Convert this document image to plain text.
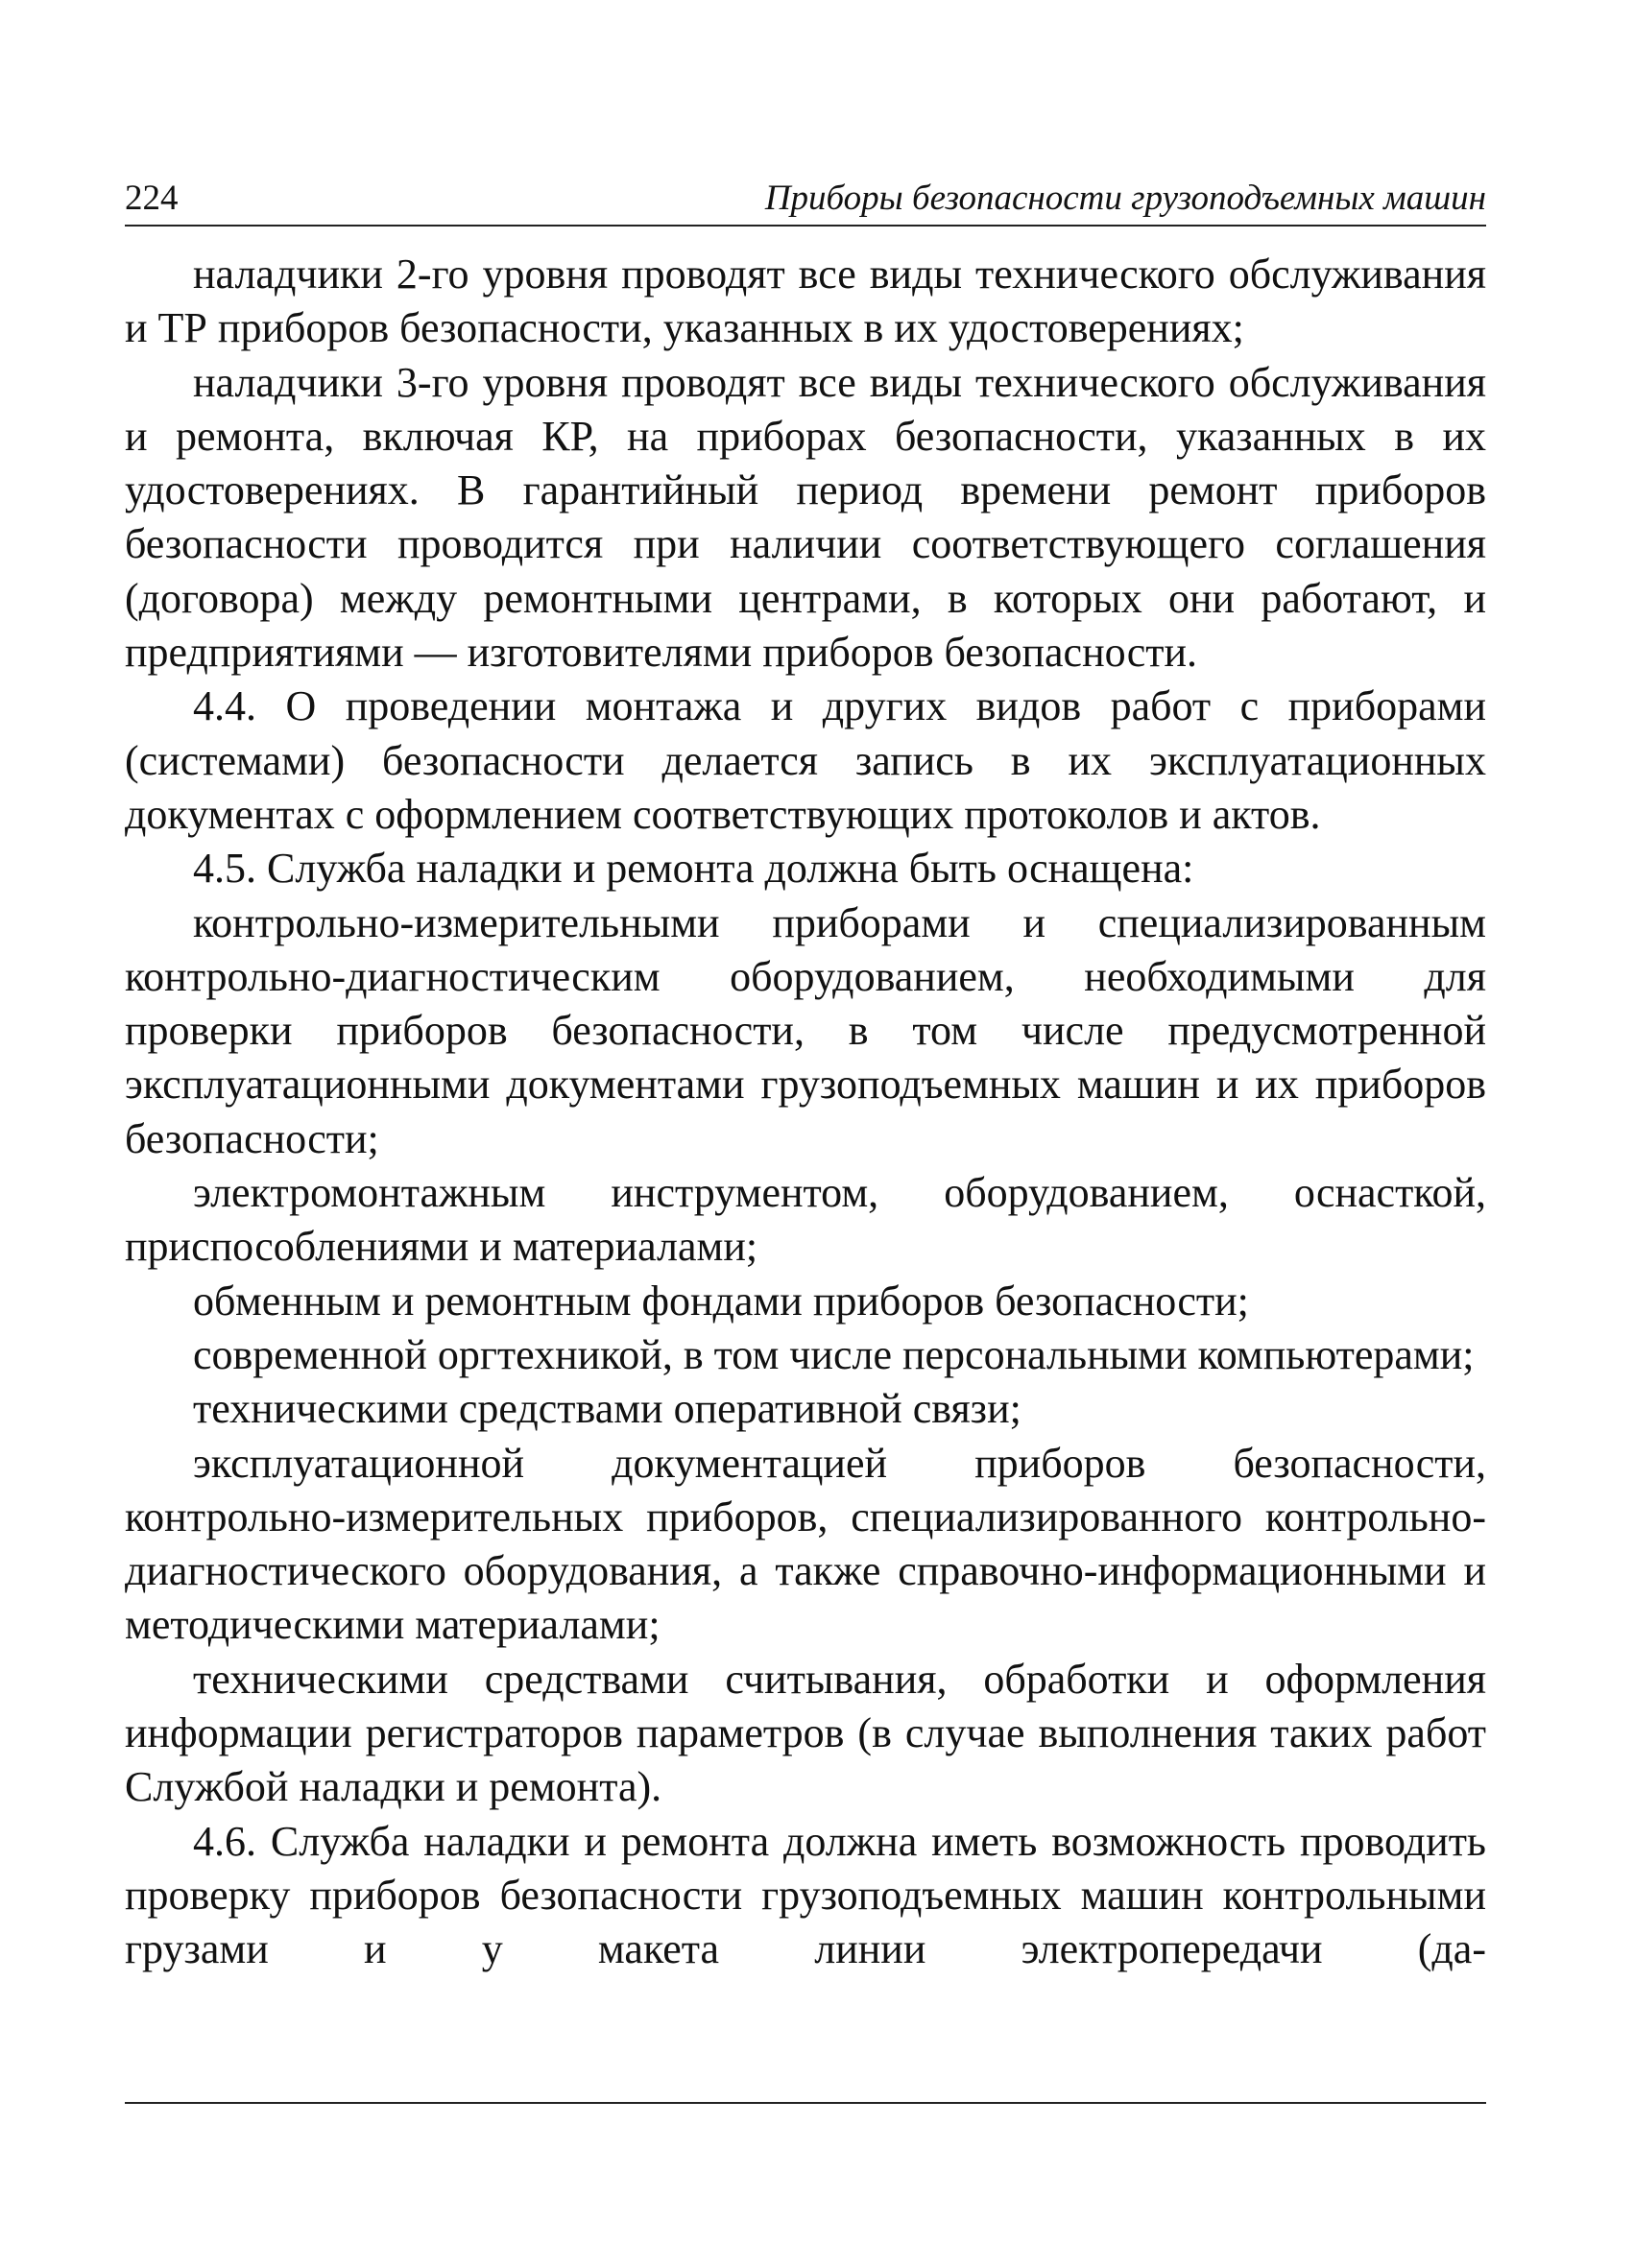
224	Приборы безопасности грузоподъемных машин

наладчики 2-го уровня проводят все виды технического обслуживания и ТР приборов безопасности, указанных в их удостоверениях;

наладчики 3-го уровня проводят все виды технического обслуживания и ремонта, включая КР, на приборах безопасности, указанных в их удостоверениях. В гарантийный период времени ремонт приборов безопасности проводится при наличии соответствующего соглашения (договора) между ремонтными центрами, в которых они работают, и предприятиями — изготовителями приборов безопасности.

4.4. О проведении монтажа и других видов работ с приборами (системами) безопасности делается запись в их эксплуатационных документах с оформлением соответствующих протоколов и актов.

4.5. Служба наладки и ремонта должна быть оснащена:

контрольно-измерительными приборами и специализированным контрольно-диагностическим оборудованием, необходимыми для проверки приборов безопасности, в том числе предусмотренной эксплуатационными документами грузоподъемных машин и их приборов безопасности;

электромонтажным инструментом, оборудованием, оснасткой, приспособлениями и материалами;

обменным и ремонтным фондами приборов безопасности;

современной оргтехникой, в том числе персональными компьютерами;

техническими средствами оперативной связи;

эксплуатационной документацией приборов безопасности, контрольно-измерительных приборов, специализированного контрольно-диагностического оборудования, а также справочно-информационными и методическими материалами;

техническими средствами считывания, обработки и оформления информации регистраторов параметров (в случае выполнения таких работ Службой наладки и ремонта).

4.6. Служба наладки и ремонта должна иметь возможность проводить проверку приборов безопасности грузоподъемных машин контрольными грузами и у макета линии электропередачи (да-
